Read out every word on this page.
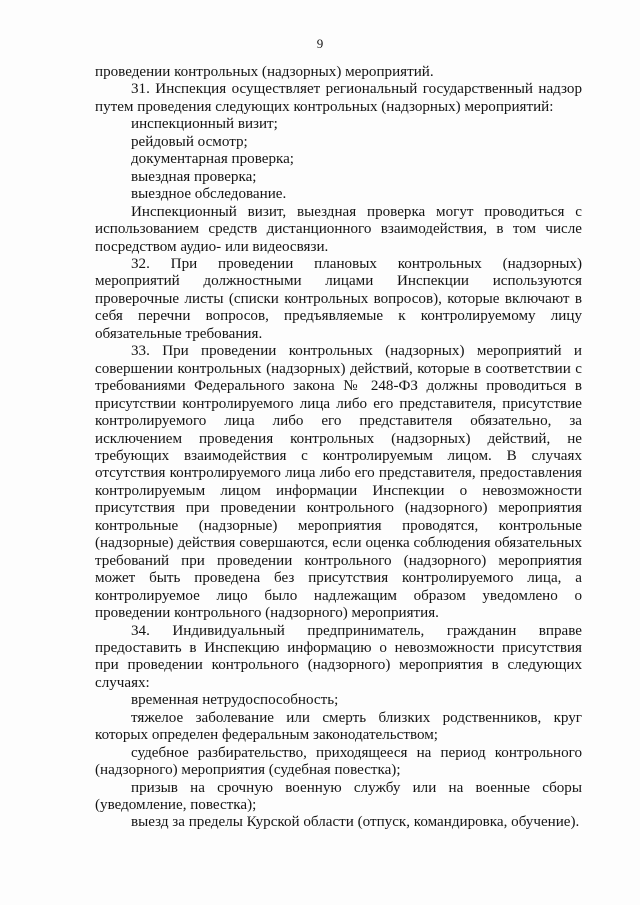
9

проведении контрольных (надзорных) мероприятий.

31. Инспекция осуществляет региональный государственный надзор путем проведения следующих контрольных (надзорных) мероприятий:

инспекционный визит;

рейдовый осмотр;

документарная проверка;

выездная проверка;

выездное обследование.

Инспекционный визит, выездная проверка могут проводиться с использованием средств дистанционного взаимодействия, в том числе посредством аудио- или видеосвязи.

32. При проведении плановых контрольных (надзорных) мероприятий должностными лицами Инспекции используются проверочные листы (списки контрольных вопросов), которые включают в себя перечни вопросов, предъявляемые к контролируемому лицу обязательные требования.

33. При проведении контрольных (надзорных) мероприятий и совершении контрольных (надзорных) действий, которые в соответствии с требованиями Федерального закона № 248-ФЗ должны проводиться в присутствии контролируемого лица либо его представителя, присутствие контролируемого лица либо его представителя обязательно, за исключением проведения контрольных (надзорных) действий, не требующих взаимодействия с контролируемым лицом. В случаях отсутствия контролируемого лица либо его представителя, предоставления контролируемым лицом информации Инспекции о невозможности присутствия при проведении контрольного (надзорного) мероприятия контрольные (надзорные) мероприятия проводятся, контрольные (надзорные) действия совершаются, если оценка соблюдения обязательных требований при проведении контрольного (надзорного) мероприятия может быть проведена без присутствия контролируемого лица, а контролируемое лицо было надлежащим образом уведомлено о проведении контрольного (надзорного) мероприятия.

34. Индивидуальный предприниматель, гражданин вправе предоставить в Инспекцию информацию о невозможности присутствия при проведении контрольного (надзорного) мероприятия в следующих случаях:

временная нетрудоспособность;

тяжелое заболевание или смерть близких родственников, круг которых определен федеральным законодательством;

судебное разбирательство, приходящееся на период контрольного (надзорного) мероприятия (судебная повестка);

призыв на срочную военную службу или на военные сборы (уведомление, повестка);

выезд за пределы Курской области (отпуск, командировка, обучение).
